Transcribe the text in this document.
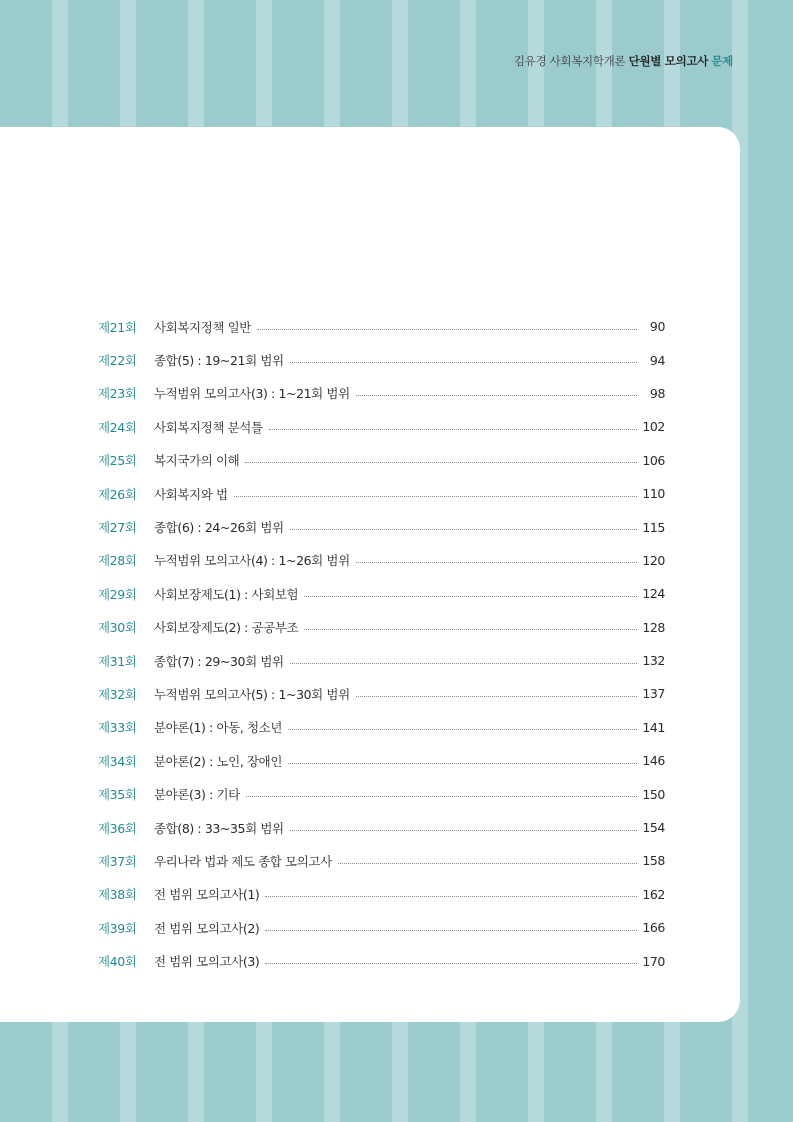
김유경 사회복지학개론 단원별 모의고사 문제
제21회	사회복지정책 일반	90
제22회	종합(5) : 19~21회 범위	94
제23회	누적범위 모의고사(3) : 1~21회 범위	98
제24회	사회복지정책 분석틀	102
제25회	복지국가의 이해	106
제26회	사회복지와 법	110
제27회	종합(6) : 24~26회 범위	115
제28회	누적범위 모의고사(4) : 1~26회 범위	120
제29회	사회보장제도(1) : 사회보험	124
제30회	사회보장제도(2) : 공공부조	128
제31회	종합(7) : 29~30회 범위	132
제32회	누적범위 모의고사(5) : 1~30회 범위	137
제33회	분야론(1) : 아동, 청소년	141
제34회	분야론(2) : 노인, 장애인	146
제35회	분야론(3) : 기타	150
제36회	종합(8) : 33~35회 범위	154
제37회	우리나라 법과 제도 종합 모의고사	158
제38회	전 범위 모의고사(1)	162
제39회	전 범위 모의고사(2)	166
제40회	전 범위 모의고사(3)	170
